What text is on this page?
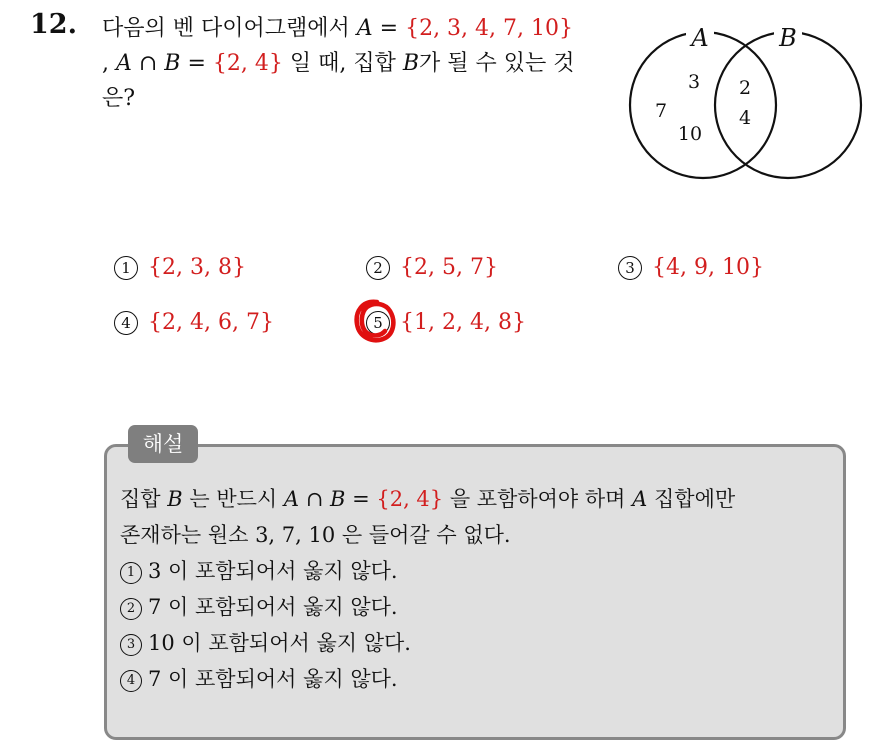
12. 다음의 벤 다이어그램에서 A = {2, 3, 4, 7, 10}
, A ∩ B = {2, 4} 일 때, 집합 B가 될 수 있는 것은?
A	B
3
7
10
2
4
1 {2, 3, 8}	2 {2, 5, 7}	3 {4, 9, 10}
4 {2, 4, 6, 7}	5 {1, 2, 4, 8}
해설
집합 B 는 반드시 A ∩ B = {2, 4} 을 포함하여야 하며 A 집합에만
존재하는 원소 3, 7, 10 은 들어갈 수 없다.
1 3 이 포함되어서 옳지 않다.
2 7 이 포함되어서 옳지 않다.
3 10 이 포함되어서 옳지 않다.
4 7 이 포함되어서 옳지 않다.
